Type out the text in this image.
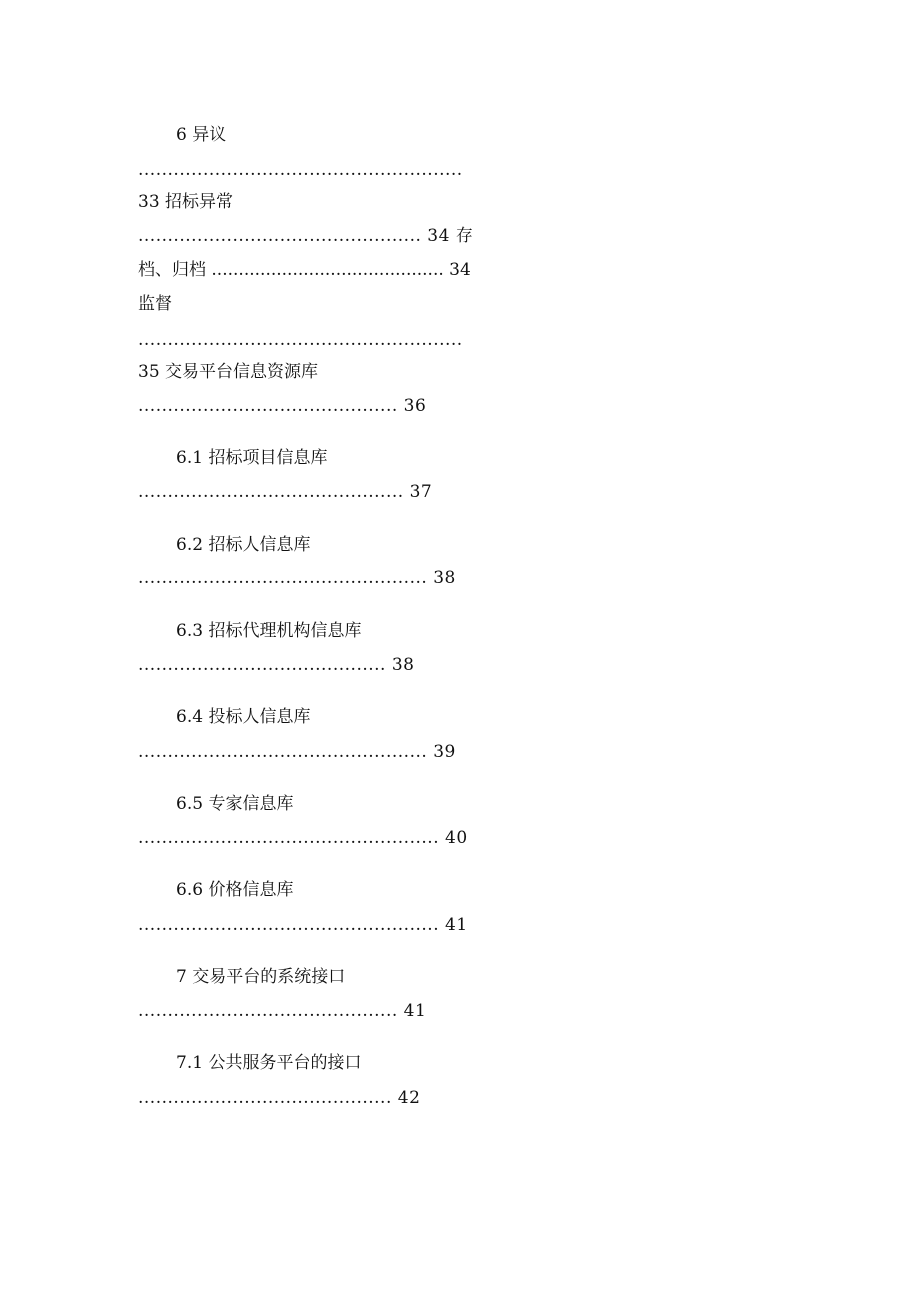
6 异议
.......................................................
33 招标异常
................................................ 34 存
档、归档 ........................................... 34
监督
.......................................................
35 交易平台信息资源库
............................................ 36
6.1 招标项目信息库
............................................. 37
6.2 招标人信息库
................................................. 38
6.3 招标代理机构信息库
.......................................... 38
6.4 投标人信息库
................................................. 39
6.5 专家信息库
................................................... 40
6.6 价格信息库
................................................... 41
7 交易平台的系统接口
............................................ 41
7.1 公共服务平台的接口
........................................... 42
